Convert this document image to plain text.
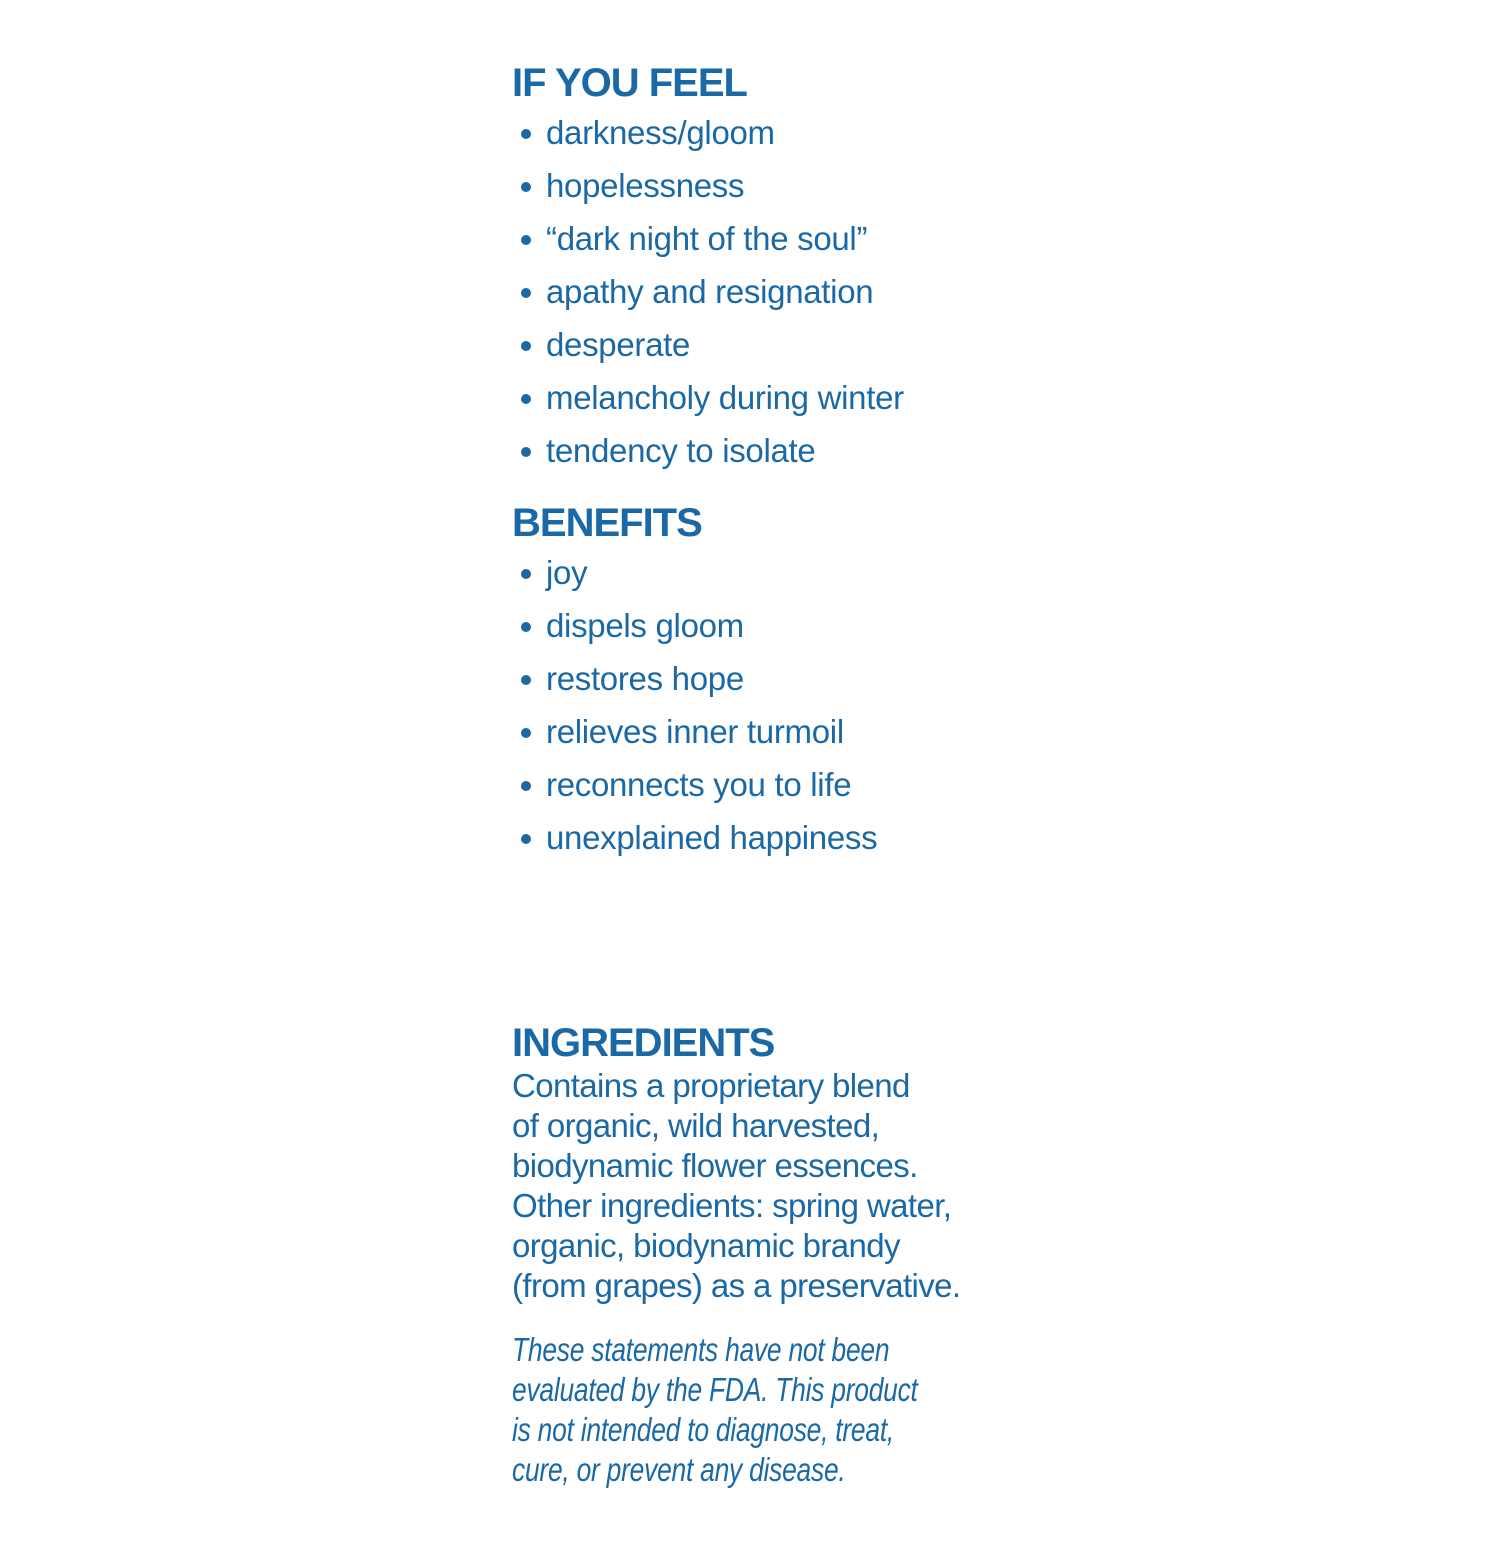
IF YOU FEEL
darkness/gloom
hopelessness
“dark night of the soul”
apathy and resignation
desperate
melancholy during winter
tendency to isolate
BENEFITS
joy
dispels gloom
restores hope
relieves inner turmoil
reconnects you to life
unexplained happiness
INGREDIENTS

Contains a proprietary blend
of organic, wild harvested,
biodynamic flower essences.
Other ingredients: spring water,
organic, biodynamic brandy
(from grapes) as a preservative.

These statements have not been
evaluated by the FDA. This product
is not intended to diagnose, treat,
cure, or prevent any disease.
